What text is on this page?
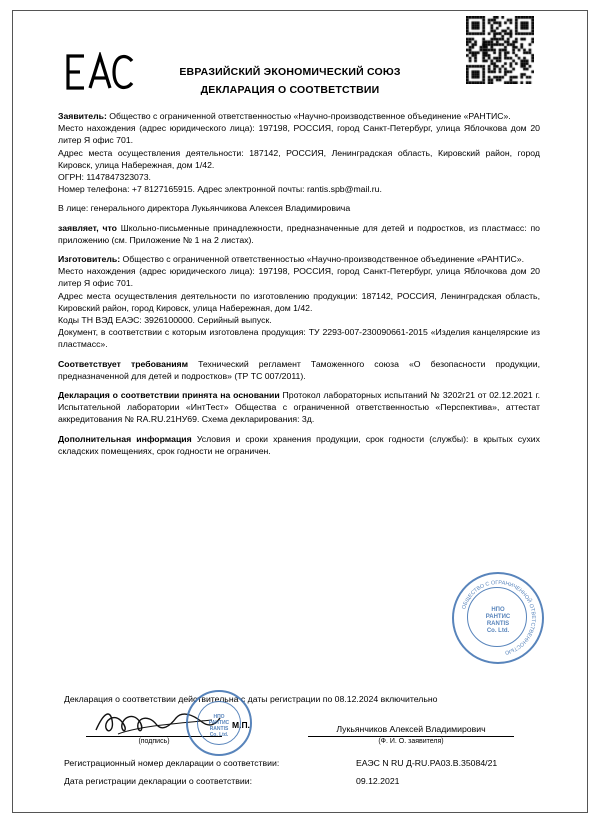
ЕВРАЗИЙСКИЙ ЭКОНОМИЧЕСКИЙ СОЮЗ
ДЕКЛАРАЦИЯ О СООТВЕТСТВИИ

Заявитель: Общество с ограниченной ответственностью «Научно-производственное объединение «РАНТИС».
Место нахождения (адрес юридического лица): 197198, РОССИЯ, город Санкт-Петербург, улица Яблочкова дом 20 литер Я офис 701.
Адрес места осуществления деятельности: 187142, РОССИЯ, Ленинградская область, Кировский район, город Кировск, улица Набережная, дом 1/42.
ОГРН: 1147847323073.
Номер телефона: +7 8127165915. Адрес электронной почты: rantis.spb@mail.ru.

В лице: генерального директора Лукьянчикова Алексея Владимировича

заявляет, что Школьно-письменные принадлежности, предназначенные для детей и подростков, из пластмасс: по приложению (см. Приложение № 1 на 2 листах).

Изготовитель: Общество с ограниченной ответственностью «Научно-производственное объединение «РАНТИС».
Место нахождения (адрес юридического лица): 197198, РОССИЯ, город Санкт-Петербург, улица Яблочкова дом 20 литер Я офис 701.
Адрес места осуществления деятельности по изготовлению продукции: 187142, РОССИЯ, Ленинградская область, Кировский район, город Кировск, улица Набережная, дом 1/42.
Коды ТН ВЭД ЕАЭС: 3926100000. Серийный выпуск.
Документ, в соответствии с которым изготовлена продукция: ТУ 2293-007-230090661-2015 «Изделия канцелярские из пластмасс».

Соответствует требованиям Технический регламент Таможенного союза «О безопасности продукции, предназначенной для детей и подростков» (ТР ТС 007/2011).

Декларация о соответствии принята на основании Протокол лабораторных испытаний № 3202г21 от 02.12.2021 г. Испытательной лаборатории «ИнтТест» Общества с ограниченной ответственностью «Перспектива», аттестат аккредитования № RA.RU.21НУ69. Схема декларирования: 3д.

Дополнительная информация Условия и сроки хранения продукции, срок годности (службы): в крытых сухих складских помещениях, срок годности не ограничен.

ОБЩЕСТВО С ОГРАНИЧЕННОЙ ОТВЕТСТВЕННОСТЬЮ
НПО
РАНТИС
RANTIS
Co. Ltd.
Декларация о соответствии действительна с даты регистрации по 08.12.2024 включительно
М.П.	Лукьянчиков Алексей Владимирович
(подпись)	(Ф. И. О. заявителя)
НПО
РАНТИС
RANTIS
Co. Ltd.
Регистрационный номер декларации о соответствии:	ЕАЭС N RU Д-RU.РА03.В.35084/21
Дата регистрации декларации о соответствии:	09.12.2021
